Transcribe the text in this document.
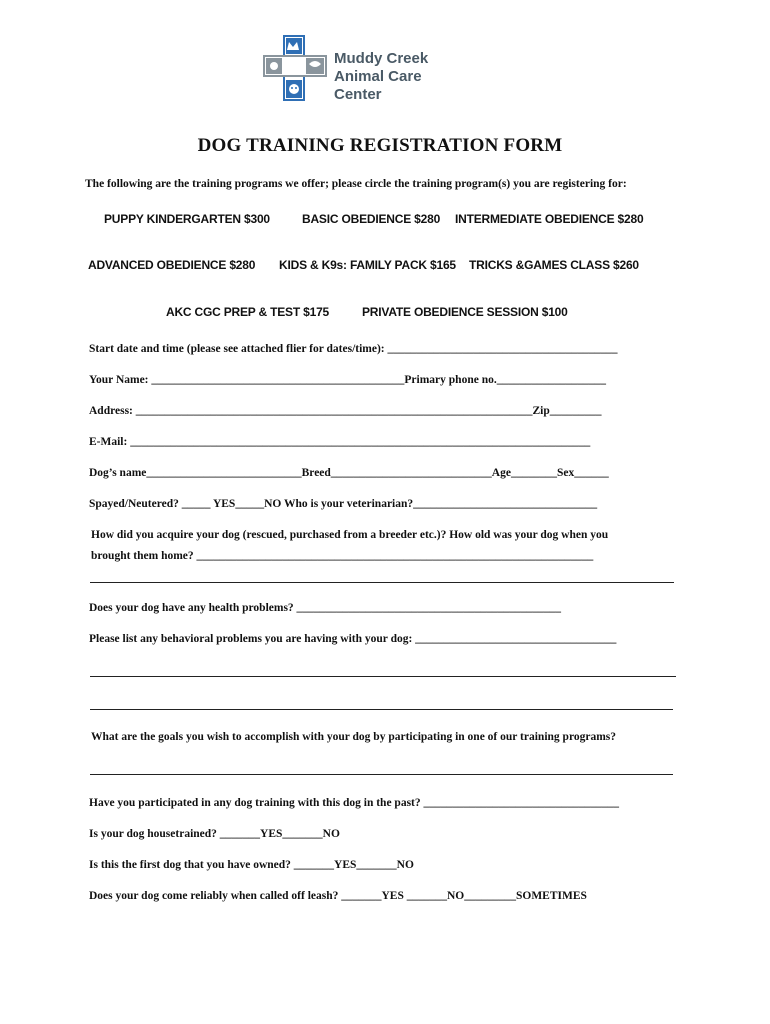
Muddy Creek
Animal Care Center
DOG TRAINING REGISTRATION FORM
The following are the training programs we offer; please circle the training program(s) you are registering for:
PUPPY KINDERGARTEN $300	BASIC OBEDIENCE $280 INTERMEDIATE OBEDIENCE $280
ADVANCED OBEDIENCE $280 KIDS & K9s: FAMILY PACK $165 TRICKS &GAMES CLASS $260
AKC CGC PREP & TEST $175	PRIVATE OBEDIENCE SESSION $100
Start date and time (please see attached flier for dates/time): ________________________________________
Your Name: ____________________________________________Primary phone no.___________________
Address: _____________________________________________________________________Zip_________
E-Mail: ________________________________________________________________________________
Dog’s name___________________________Breed____________________________Age________Sex______
Spayed/Neutered? _____ YES_____NO Who is your veterinarian?________________________________
How did you acquire your dog (rescued, purchased from a breeder etc.)? How old was your dog when you
brought them home? _____________________________________________________________________
Does your dog have any health problems? ______________________________________________
Please list any behavioral problems you are having with your dog: ___________________________________
What are the goals you wish to accomplish with your dog by participating in one of our training programs?
Have you participated in any dog training with this dog in the past? __________________________________
Is your dog housetrained? _______YES_______NO
Is this the first dog that you have owned? _______YES_______NO
Does your dog come reliably when called off leash? _______YES _______NO_________SOMETIMES
